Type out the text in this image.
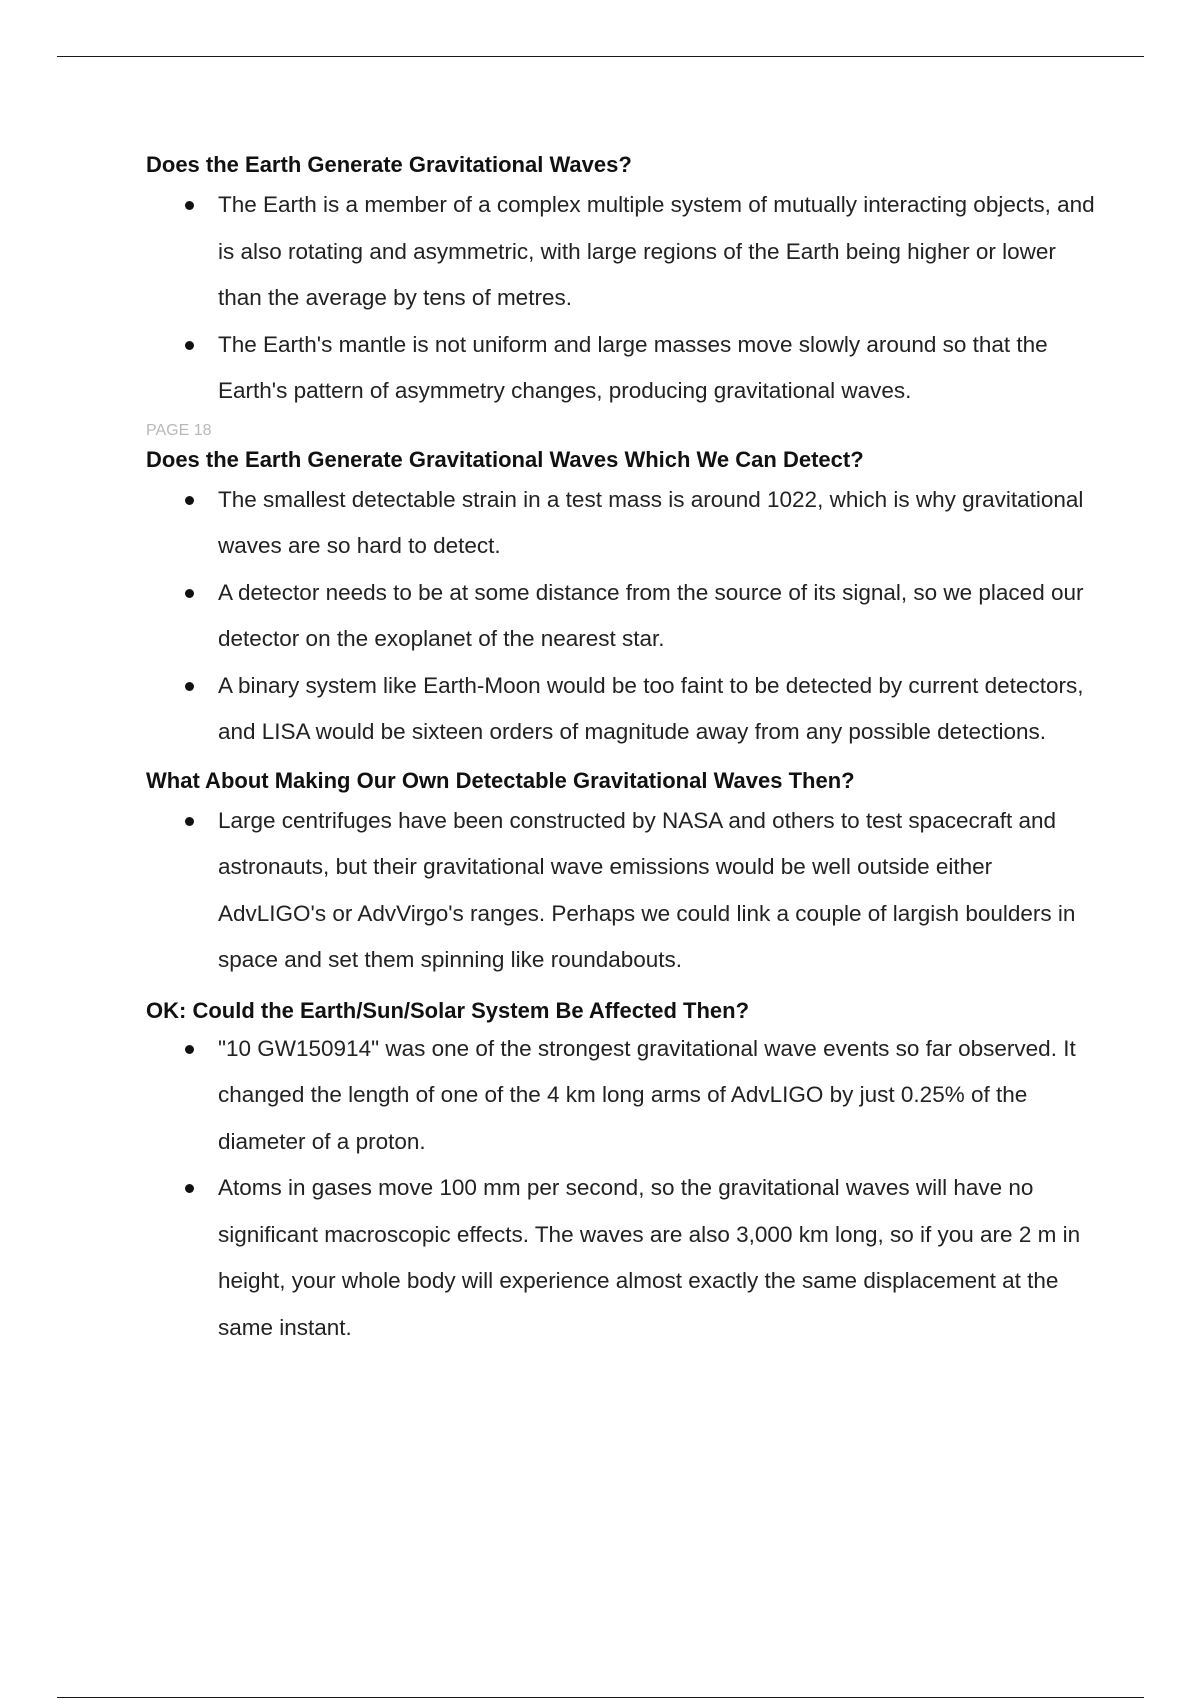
Does the Earth Generate Gravitational Waves?
The Earth is a member of a complex multiple system of mutually interacting objects, and is also rotating and asymmetric, with large regions of the Earth being higher or lower than the average by tens of metres.
The Earth's mantle is not uniform and large masses move slowly around so that the Earth's pattern of asymmetry changes, producing gravitational waves.
PAGE 18
Does the Earth Generate Gravitational Waves Which We Can Detect?
The smallest detectable strain in a test mass is around 1022, which is why gravitational waves are so hard to detect.
A detector needs to be at some distance from the source of its signal, so we placed our detector on the exoplanet of the nearest star.
A binary system like Earth-Moon would be too faint to be detected by current detectors, and LISA would be sixteen orders of magnitude away from any possible detections.
What About Making Our Own Detectable Gravitational Waves Then?
Large centrifuges have been constructed by NASA and others to test spacecraft and astronauts, but their gravitational wave emissions would be well outside either AdvLIGO's or AdvVirgo's ranges. Perhaps we could link a couple of largish boulders in space and set them spinning like roundabouts.
OK: Could the Earth/Sun/Solar System Be Affected Then?
"10 GW150914" was one of the strongest gravitational wave events so far observed. It changed the length of one of the 4 km long arms of AdvLIGO by just 0.25% of the diameter of a proton.
Atoms in gases move 100 mm per second, so the gravitational waves will have no significant macroscopic effects. The waves are also 3,000 km long, so if you are 2 m in height, your whole body will experience almost exactly the same displacement at the same instant.
